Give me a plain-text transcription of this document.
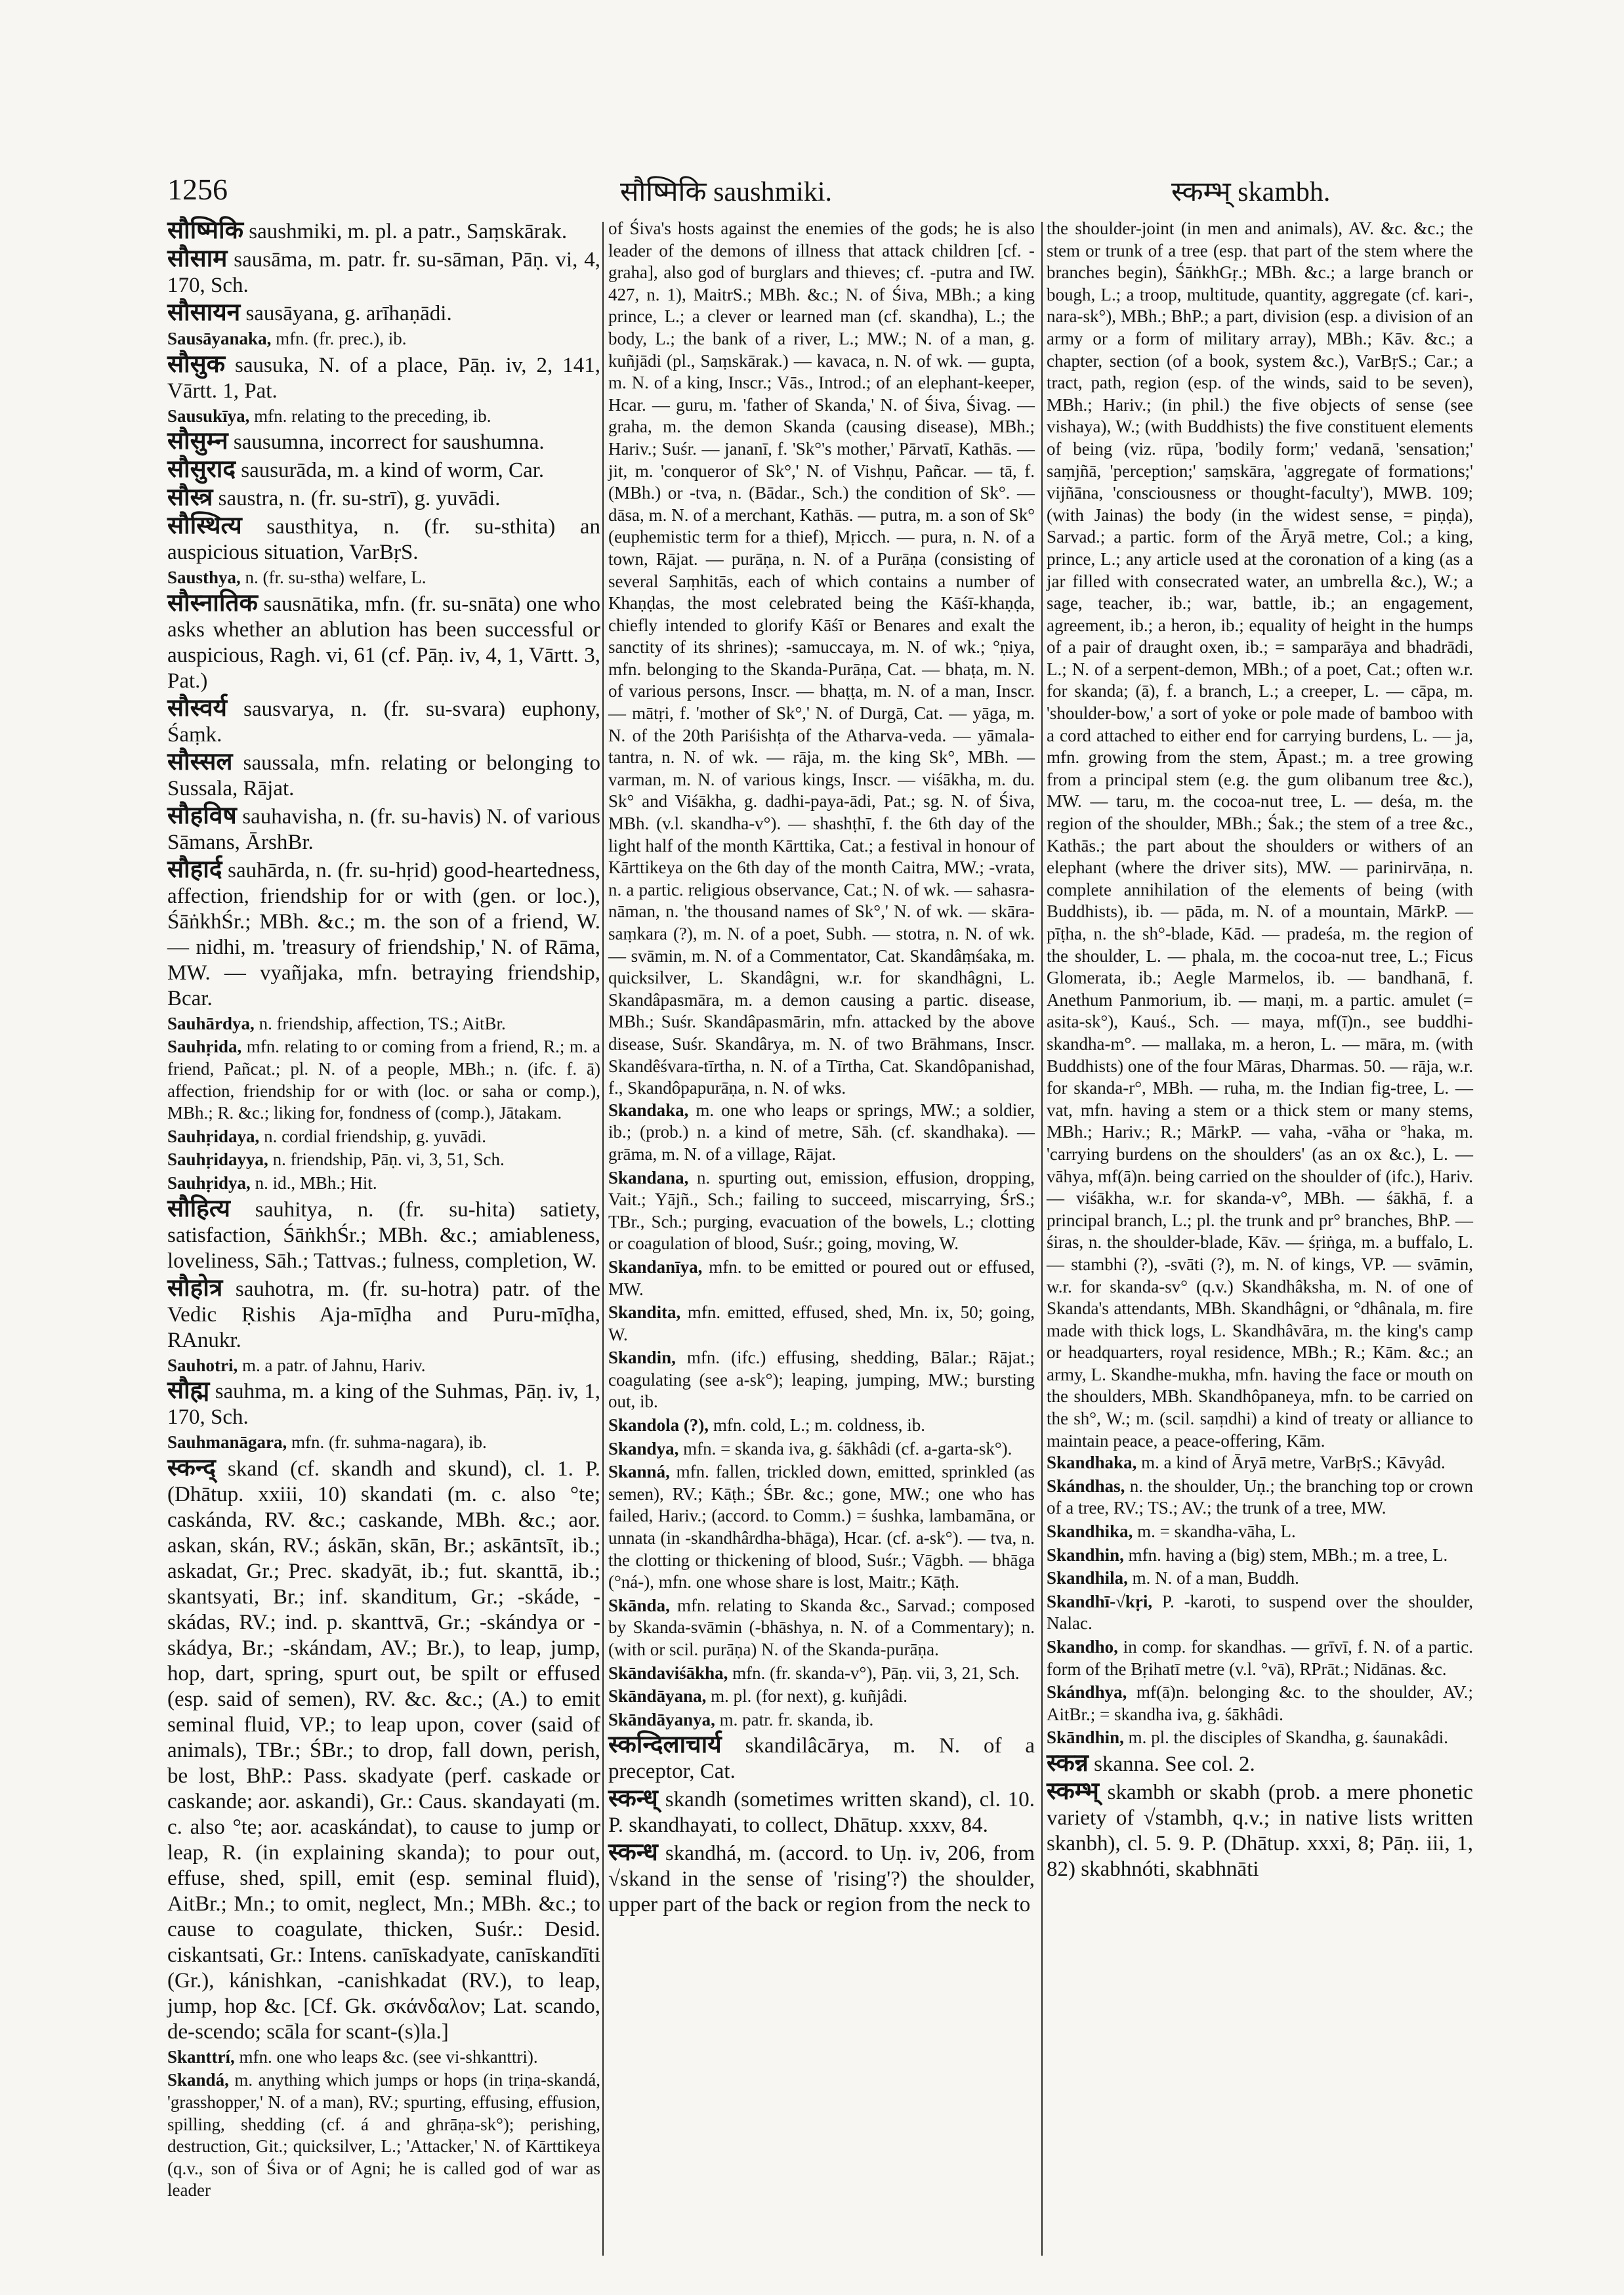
1256	सौष्मिकि saushmiki.	स्कम्भ् skambh.

सौष्मिकि saushmiki, m. pl. a patr., Saṃskārak.

सौसाम sausāma, m. patr. fr. su-sāman, Pāṇ. vi, 4, 170, Sch.

सौसायन sausāyana, g. arīhaṇādi.

Sausāyanaka, mfn. (fr. prec.), ib.

सौसुक sausuka, N. of a place, Pāṇ. iv, 2, 141, Vārtt. 1, Pat.

Sausukīya, mfn. relating to the preceding, ib.

सौसुम्न sausumna, incorrect for saushumna.

सौसुराद sausurāda, m. a kind of worm, Car.

सौस्त्र saustra, n. (fr. su-strī), g. yuvādi.

सौस्थित्य sausthitya, n. (fr. su-sthita) an auspicious situation, VarBṛS.

Sausthya, n. (fr. su-stha) welfare, L.

सौस्नातिक sausnātika, mfn. (fr. su-snāta) one who asks whether an ablution has been successful or auspicious, Ragh. vi, 61 (cf. Pāṇ. iv, 4, 1, Vārtt. 3, Pat.)

सौस्वर्य sausvarya, n. (fr. su-svara) euphony, Śaṃk.

सौस्सल saussala, mfn. relating or belonging to Sussala, Rājat.

सौहविष sauhavisha, n. (fr. su-havis) N. of various Sāmans, ĀrshBr.

सौहार्द sauhārda, n. (fr. su-hṛid) good-heartedness, affection, friendship for or with (gen. or loc.), ŚāṅkhŚr.; MBh. &c.; m. the son of a friend, W. — nidhi, m. 'treasury of friendship,' N. of Rāma, MW. — vyañjaka, mfn. betraying friendship, Bcar.

Sauhārdya, n. friendship, affection, TS.; AitBr.

Sauhṛida, mfn. relating to or coming from a friend, R.; m. a friend, Pañcat.; pl. N. of a people, MBh.; n. (ifc. f. ā) affection, friendship for or with (loc. or saha or comp.), MBh.; R. &c.; liking for, fondness of (comp.), Jātakam.

Sauhṛidaya, n. cordial friendship, g. yuvādi.

Sauhṛidayya, n. friendship, Pāṇ. vi, 3, 51, Sch.

Sauhṛidya, n. id., MBh.; Hit.

सौहित्य sauhitya, n. (fr. su-hita) satiety, satisfaction, ŚāṅkhŚr.; MBh. &c.; amiableness, loveliness, Sāh.; Tattvas.; fulness, completion, W.

सौहोत्र sauhotra, m. (fr. su-hotra) patr. of the Vedic Ṛishis Aja-mīḍha and Puru-mīḍha, RAnukr.

Sauhotri, m. a patr. of Jahnu, Hariv.

सौह्म sauhma, m. a king of the Suhmas, Pāṇ. iv, 1, 170, Sch.

Sauhmanāgara, mfn. (fr. suhma-nagara), ib.

स्कन्द् skand (cf. skandh and skund), cl. 1. P. (Dhātup. xxiii, 10) skandati (m. c. also °te; caskánda, RV. &c.; caskande, MBh. &c.; aor. askan, skán, RV.; áskān, skān, Br.; askāntsīt, ib.; askadat, Gr.; Prec. skadyāt, ib.; fut. skanttā, ib.; skantsyati, Br.; inf. skanditum, Gr.; -skáde, -skádas, RV.; ind. p. skanttvā, Gr.; -skándya or -skádya, Br.; -skándam, AV.; Br.), to leap, jump, hop, dart, spring, spurt out, be spilt or effused (esp. said of semen), RV. &c. &c.; (A.) to emit seminal fluid, VP.; to leap upon, cover (said of animals), TBr.; ŚBr.; to drop, fall down, perish, be lost, BhP.: Pass. skadyate (perf. caskade or caskande; aor. askandi), Gr.: Caus. skandayati (m. c. also °te; aor. acaskándat), to cause to jump or leap, R. (in explaining skanda); to pour out, effuse, shed, spill, emit (esp. seminal fluid), AitBr.; Mn.; to omit, neglect, Mn.; MBh. &c.; to cause to coagulate, thicken, Suśr.: Desid. ciskantsati, Gr.: Intens. canīskadyate, canīskandīti (Gr.), kánishkan, -canishkadat (RV.), to leap, jump, hop &c. [Cf. Gk. σκάνδαλον; Lat. scando, de-scendo; scāla for scant-(s)la.]

Skanttrí, mfn. one who leaps &c. (see vi-shkanttri).

Skandá, m. anything which jumps or hops (in triṇa-skandá, 'grasshopper,' N. of a man), RV.; spurting, effusing, effusion, spilling, shedding (cf. á and ghrāṇa-sk°); perishing, destruction, Git.; quicksilver, L.; 'Attacker,' N. of Kārttikeya (q.v., son of Śiva or of Agni; he is called god of war as leader

of Śiva's hosts against the enemies of the gods; he is also leader of the demons of illness that attack children [cf. -graha], also god of burglars and thieves; cf. -putra and IW. 427, n. 1), MaitrS.; MBh. &c.; N. of Śiva, MBh.; a king prince, L.; a clever or learned man (cf. skandha), L.; the body, L.; the bank of a river, L.; MW.; N. of a man, g. kuñjādi (pl., Saṃskārak.) — kavaca, n. N. of wk. — gupta, m. N. of a king, Inscr.; Vās., Introd.; of an elephant-keeper, Hcar. — guru, m. 'father of Skanda,' N. of Śiva, Śivag. — graha, m. the demon Skanda (causing disease), MBh.; Hariv.; Suśr. — jananī, f. 'Sk°'s mother,' Pārvatī, Kathās. — jit, m. 'conqueror of Sk°,' N. of Vishṇu, Pañcar. — tā, f. (MBh.) or -tva, n. (Bādar., Sch.) the condition of Sk°. — dāsa, m. N. of a merchant, Kathās. — putra, m. a son of Sk° (euphemistic term for a thief), Mṛicch. — pura, n. N. of a town, Rājat. — purāṇa, n. N. of a Purāṇa (consisting of several Saṃhitās, each of which contains a number of Khaṇḍas, the most celebrated being the Kāśī-khaṇḍa, chiefly intended to glorify Kāśī or Benares and exalt the sanctity of its shrines); -samuccaya, m. N. of wk.; °ṇiya, mfn. belonging to the Skanda-Purāṇa, Cat. — bhaṭa, m. N. of various persons, Inscr. — bhaṭṭa, m. N. of a man, Inscr. — mātṛi, f. 'mother of Sk°,' N. of Durgā, Cat. — yāga, m. N. of the 20th Pariśishṭa of the Atharva-veda. — yāmala-tantra, n. N. of wk. — rāja, m. the king Sk°, MBh. — varman, m. N. of various kings, Inscr. — viśākha, m. du. Sk° and Viśākha, g. dadhi-paya-ādi, Pat.; sg. N. of Śiva, MBh. (v.l. skandha-v°). — shashṭhī, f. the 6th day of the light half of the month Kārttika, Cat.; a festival in honour of Kārttikeya on the 6th day of the month Caitra, MW.; -vrata, n. a partic. religious observance, Cat.; N. of wk. — sahasra-nāman, n. 'the thousand names of Sk°,' N. of wk. — skāra-saṃkara (?), m. N. of a poet, Subh. — stotra, n. N. of wk. — svāmin, m. N. of a Commentator, Cat. Skandâṃśaka, m. quicksilver, L. Skandâgni, w.r. for skandhâgni, L. Skandâpasmāra, m. a demon causing a partic. disease, MBh.; Suśr. Skandâpasmārin, mfn. attacked by the above disease, Suśr. Skandârya, m. N. of two Brāhmans, Inscr. Skandêśvara-tīrtha, n. N. of a Tīrtha, Cat. Skandôpanishad, f., Skandôpapurāṇa, n. N. of wks.

Skandaka, m. one who leaps or springs, MW.; a soldier, ib.; (prob.) n. a kind of metre, Sāh. (cf. skandhaka). — grāma, m. N. of a village, Rājat.

Skandana, n. spurting out, emission, effusion, dropping, Vait.; Yājñ., Sch.; failing to succeed, miscarrying, ŚrS.; TBr., Sch.; purging, evacuation of the bowels, L.; clotting or coagulation of blood, Suśr.; going, moving, W.

Skandanīya, mfn. to be emitted or poured out or effused, MW.

Skandita, mfn. emitted, effused, shed, Mn. ix, 50; going, W.

Skandin, mfn. (ifc.) effusing, shedding, Bālar.; Rājat.; coagulating (see a-sk°); leaping, jumping, MW.; bursting out, ib.

Skandola (?), mfn. cold, L.; m. coldness, ib.

Skandya, mfn. = skanda iva, g. śākhâdi (cf. a-garta-sk°).

Skanná, mfn. fallen, trickled down, emitted, sprinkled (as semen), RV.; Kāṭh.; ŚBr. &c.; gone, MW.; one who has failed, Hariv.; (accord. to Comm.) = śushka, lambamāna, or unnata (in -skandhârdha-bhāga), Hcar. (cf. a-sk°). — tva, n. the clotting or thickening of blood, Suśr.; Vāgbh. — bhāga (°ná-), mfn. one whose share is lost, Maitr.; Kāṭh.

Skānda, mfn. relating to Skanda &c., Sarvad.; composed by Skanda-svāmin (-bhāshya, n. N. of a Commentary); n. (with or scil. purāṇa) N. of the Skanda-purāṇa.

Skāndaviśākha, mfn. (fr. skanda-v°), Pāṇ. vii, 3, 21, Sch.

Skāndāyana, m. pl. (for next), g. kuñjâdi.

Skāndāyanya, m. patr. fr. skanda, ib.

स्कन्दिलाचार्य skandilâcārya, m. N. of a preceptor, Cat.

स्कन्ध् skandh (sometimes written skand), cl. 10. P. skandhayati, to collect, Dhātup. xxxv, 84.

स्कन्ध skandhá, m. (accord. to Uṇ. iv, 206, from √skand in the sense of 'rising'?) the shoulder, upper part of the back or region from the neck to

the shoulder-joint (in men and animals), AV. &c. &c.; the stem or trunk of a tree (esp. that part of the stem where the branches begin), ŚāṅkhGṛ.; MBh. &c.; a large branch or bough, L.; a troop, multitude, quantity, aggregate (cf. kari-, nara-sk°), MBh.; BhP.; a part, division (esp. a division of an army or a form of military array), MBh.; Kāv. &c.; a chapter, section (of a book, system &c.), VarBṛS.; Car.; a tract, path, region (esp. of the winds, said to be seven), MBh.; Hariv.; (in phil.) the five objects of sense (see vishaya), W.; (with Buddhists) the five constituent elements of being (viz. rūpa, 'bodily form;' vedanā, 'sensation;' saṃjñā, 'perception;' saṃskāra, 'aggregate of formations;' vijñāna, 'consciousness or thought-faculty'), MWB. 109; (with Jainas) the body (in the widest sense, = piṇḍa), Sarvad.; a partic. form of the Āryā metre, Col.; a king, prince, L.; any article used at the coronation of a king (as a jar filled with consecrated water, an umbrella &c.), W.; a sage, teacher, ib.; war, battle, ib.; an engagement, agreement, ib.; a heron, ib.; equality of height in the humps of a pair of draught oxen, ib.; = samparāya and bhadrādi, L.; N. of a serpent-demon, MBh.; of a poet, Cat.; often w.r. for skanda; (ā), f. a branch, L.; a creeper, L. — cāpa, m. 'shoulder-bow,' a sort of yoke or pole made of bamboo with a cord attached to either end for carrying burdens, L. — ja, mfn. growing from the stem, Āpast.; m. a tree growing from a principal stem (e.g. the gum olibanum tree &c.), MW. — taru, m. the cocoa-nut tree, L. — deśa, m. the region of the shoulder, MBh.; Śak.; the stem of a tree &c., Kathās.; the part about the shoulders or withers of an elephant (where the driver sits), MW. — parinirvāṇa, n. complete annihilation of the elements of being (with Buddhists), ib. — pāda, m. N. of a mountain, MārkP. — pīṭha, n. the sh°-blade, Kād. — pradeśa, m. the region of the shoulder, L. — phala, m. the cocoa-nut tree, L.; Ficus Glomerata, ib.; Aegle Marmelos, ib. — bandhanā, f. Anethum Panmorium, ib. — maṇi, m. a partic. amulet (= asita-sk°), Kauś., Sch. — maya, mf(ī)n., see buddhi-skandha-m°. — mallaka, m. a heron, L. — māra, m. (with Buddhists) one of the four Māras, Dharmas. 50. — rāja, w.r. for skanda-r°, MBh. — ruha, m. the Indian fig-tree, L. — vat, mfn. having a stem or a thick stem or many stems, MBh.; Hariv.; R.; MārkP. — vaha, -vāha or °haka, m. 'carrying burdens on the shoulders' (as an ox &c.), L. — vāhya, mf(ā)n. being carried on the shoulder of (ifc.), Hariv. — viśākha, w.r. for skanda-v°, MBh. — śākhā, f. a principal branch, L.; pl. the trunk and pr° branches, BhP. — śiras, n. the shoulder-blade, Kāv. — śṛiṅga, m. a buffalo, L. — stambhi (?), -svāti (?), m. N. of kings, VP. — svāmin, w.r. for skanda-sv° (q.v.) Skandhâksha, m. N. of one of Skanda's attendants, MBh. Skandhâgni, or °dhânala, m. fire made with thick logs, L. Skandhâvāra, m. the king's camp or headquarters, royal residence, MBh.; R.; Kām. &c.; an army, L. Skandhe-mukha, mfn. having the face or mouth on the shoulders, MBh. Skandhôpaneya, mfn. to be carried on the sh°, W.; m. (scil. saṃdhi) a kind of treaty or alliance to maintain peace, a peace-offering, Kām.

Skandhaka, m. a kind of Āryā metre, VarBṛS.; Kāvyâd.

Skándhas, n. the shoulder, Uṇ.; the branching top or crown of a tree, RV.; TS.; AV.; the trunk of a tree, MW.

Skandhika, m. = skandha-vāha, L.

Skandhin, mfn. having a (big) stem, MBh.; m. a tree, L.

Skandhila, m. N. of a man, Buddh.

Skandhī-√kṛi, P. -karoti, to suspend over the shoulder, Nalac.

Skandho, in comp. for skandhas. — grīvī, f. N. of a partic. form of the Bṛihatī metre (v.l. °vā), RPrāt.; Nidānas. &c.

Skándhya, mf(ā)n. belonging &c. to the shoulder, AV.; AitBr.; = skandha iva, g. śākhâdi.

Skāndhin, m. pl. the disciples of Skandha, g. śaunakâdi.

स्कन्न skanna. See col. 2.

स्कम्भ् skambh or skabh (prob. a mere phonetic variety of √stambh, q.v.; in native lists written skanbh), cl. 5. 9. P. (Dhātup. xxxi, 8; Pāṇ. iii, 1, 82) skabhnóti, skabhnāti
